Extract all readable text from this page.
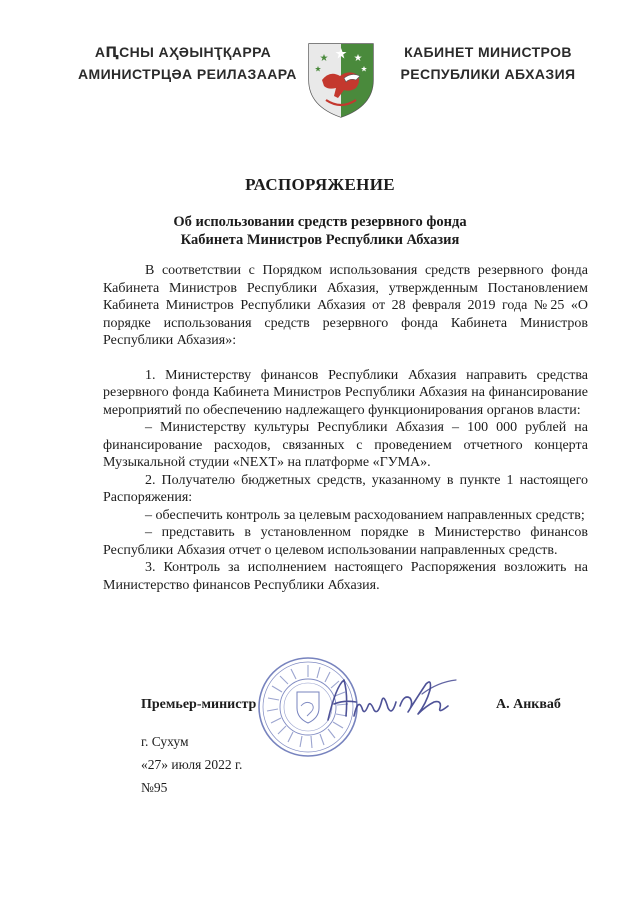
АԤСНЫ АҲӘЫНҬҚАРРА
АМИНИСТРЦӘА РЕИЛАЗААРА
КАБИНЕТ МИНИСТРОВ
РЕСПУБЛИКИ АБХАЗИЯ
РАСПОРЯЖЕНИЕ
Об использовании средств резервного фонда
Кабинета Министров Республики Абхазия

В соответствии с Порядком использования средств резервного фонда Кабинета Министров Республики Абхазия, утвержденным Постановлением Кабинета Министров Республики Абхазия от 28 февраля 2019 года №25 «О порядке использования средств резервного фонда Кабинета Министров Республики Абхазия»:

1. Министерству финансов Республики Абхазия направить средства резервного фонда Кабинета Министров Республики Абхазия на финансирование мероприятий по обеспечению надлежащего функционирования органов власти:

– Министерству культуры Республики Абхазия – 100 000 рублей на финансирование расходов, связанных с проведением отчетного концерта Музыкальной студии «NEXT» на платформе «ГУМА».

2. Получателю бюджетных средств, указанному в пункте 1 настоящего Распоряжения:

– обеспечить контроль за целевым расходованием направленных средств;

– представить в установленном порядке в Министерство финансов Республики Абхазия отчет о целевом использовании направленных средств.

3. Контроль за исполнением настоящего Распоряжения возложить на Министерство финансов Республики Абхазия.

Премьер-министр	А. Анкваб
г. Сухум
«27» июля 2022 г.
№95
